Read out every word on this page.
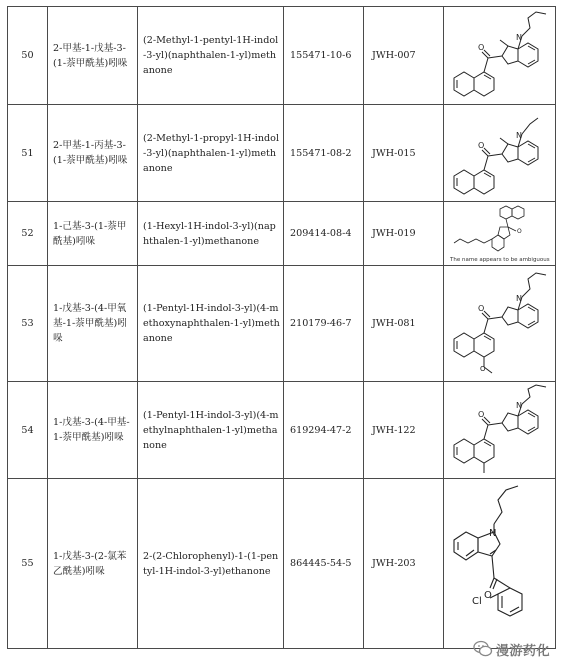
50	2-甲基-1-戊基-3-(1-萘甲酰基)吲哚	(2-Methyl-1-pentyl-1H-indol-3-yl)(naphthalen-1-yl)methanone	155471-10-6	JWH-007	O
N

51	2-甲基-1-丙基-3-(1-萘甲酰基)吲哚	(2-Methyl-1-propyl-1H-indol-3-yl)(naphthalen-1-yl)methanone	155471-08-2	JWH-015	O
N

52	1-己基-3-(1-萘甲酰基)吲哚	(1-Hexyl-1H-indol-3-yl)(naphthalen-1-yl)methanone	209414-08-4	JWH-019	O
The name appears to be ambiguous

53	1-戊基-3-(4-甲氧基-1-萘甲酰基)吲哚	(1-Pentyl-1H-indol-3-yl)(4-methoxynaphthalen-1-yl)methanone	210179-46-7	JWH-081	O
N
O

54	1-戊基-3-(4-甲基-1-萘甲酰基)吲哚	(1-Pentyl-1H-indol-3-yl)(4-methylnaphthalen-1-yl)methanone	619294-47-2	JWH-122	O
N

55	1-戊基-3-(2-氯苯乙酰基)吲哚	2-(2-Chlorophenyl)-1-(1-pentyl-1H-indol-3-yl)ethanone	864445-54-5	JWH-203	N
O
Cl
漫游药化
